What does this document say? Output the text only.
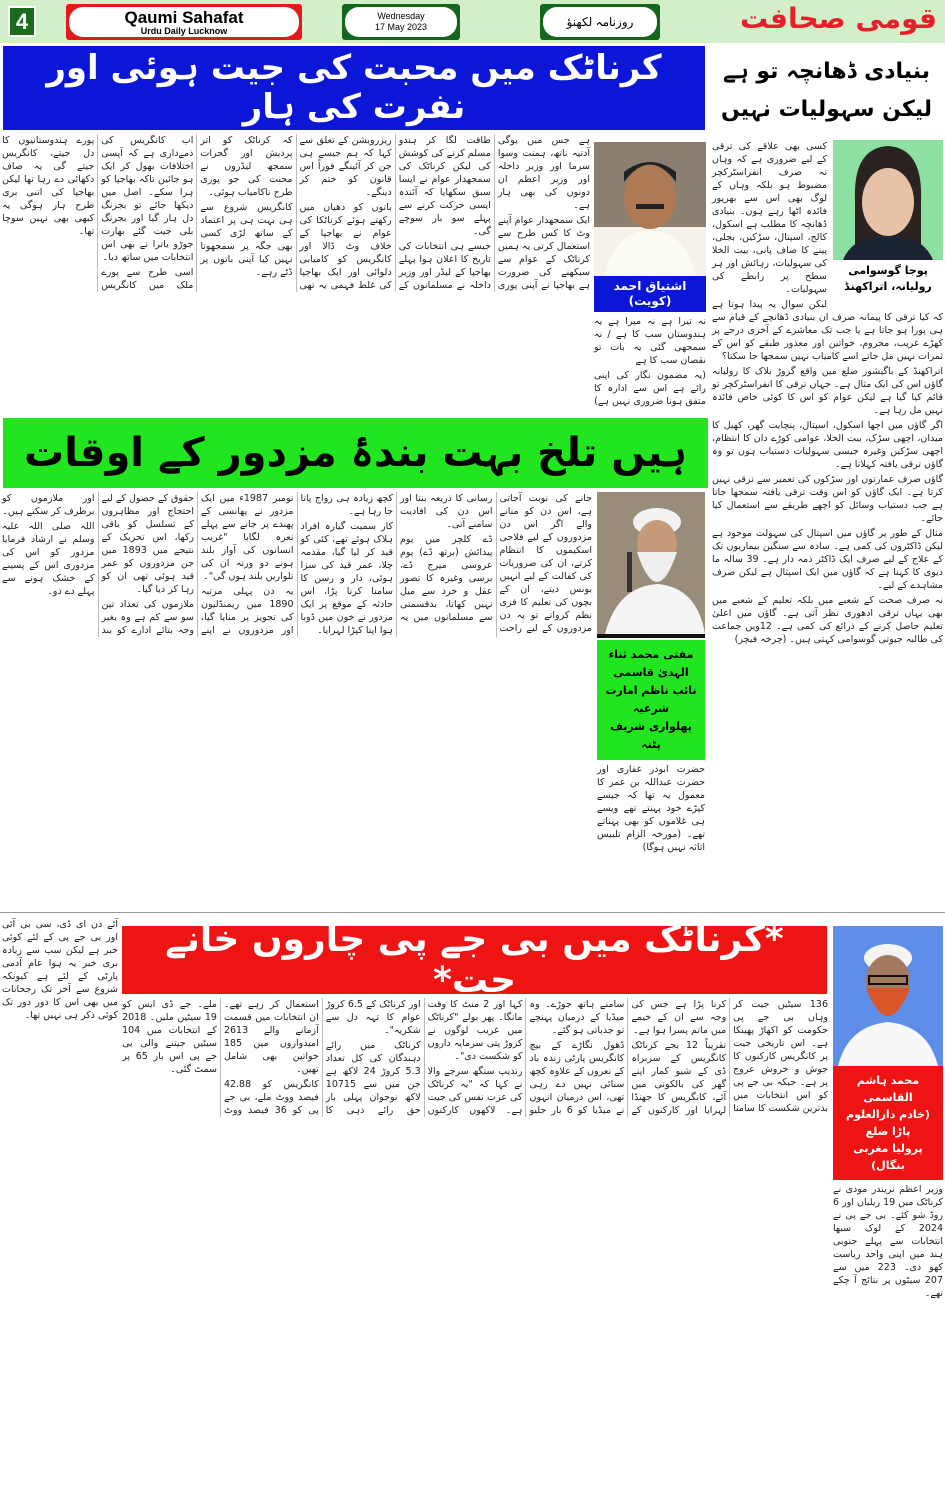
4	Qaumi Sahafat
Urdu Daily Lucknow
Wednesday
17 May 2023	روزنامہ لکھنؤ	قومی صحافت
کرناٹک میں محبت کی جیت ہوئی اور نفرت کی ہار
بنیادی ڈھانچہ تو ہے لیکن سہولیات نہیں
ہیں تلخ بہت بندۂ مزدور کے اوقات
*کرناٹک میں بی جے پی چاروں خانے چت*

ہے جس میں یوگی آدتیہ ناتھ، ہمنت وسوا سرما اور وزیر داخلہ اور وزیر اعظم ان دونوں کی بھی ہار ہے۔

ایک سمجھدار عوام آپنے وٹ کا کس طرح سے استعمال کرتی یہ ہمیں کرناٹک کے عوام سے سیکھنے کی ضرورت ہے بھاجپا نے آپنی پوری طاقت لگا کر ہندو مسلم کرنے کی کوشش کی لیکن کرناٹک کی سمجھدار عوام نے ایسا سبق سکھایا کہ آئندہ ایسی حرکت کرنے سے پہلے سو بار سوچے گی۔

جیسے ہی انتخابات کی تاریخ کا اعلان ہوا پہلے بھاجپا کے لیڈر اور وزیر داخلہ نے مسلمانوں کے ریزرویشن کے تعلق سے کہا کہ ہم جیسے ہی جن کر آئینگے فوراً اس قانون کو ختم کر دینگے۔

باتوں کو دھیان میں رکھتے ہوئے کرناٹکا کی عوام نے بھاجپا کے خلاف وٹ ڈالا اور کانگریس کو کامیابی دلوائی اور ایک بھاجپا کی غلط فہمی یہ تھی کہ کرناٹک کو اتر پردیش اور گجرات سمجھ لیڈروں نے محنت کی جو پوری طرح ناکامیاب ہوئی۔

کانگریس شروع سے ہی بہت ہی پر اعتماد کے ساتھ لڑی کسی بھی جگہ پر سمجھوتا نہیں کیا آپنی باتوں پر ڈٹے رہے۔

اب کانگریس کی ذمےداری ہے کہ آپسی اختلافات بھول کر ایک ہو جائیں تاکہ بھاجپا کو ہرا سکے۔ اصل میں دیکھا جائے تو بجرنگ دل ہار گیا اور بجرنگ بلی جیت گئے بھارت جوڑو یاترا نے بھی اس انتخابات میں ساتھ دیا۔

اسی طرح سے پورے ملک میں کانگریس پورے ہندوستانیوں کا دل جیتے، کانگریس جیتے گی یہ صاف دکھائی دے رہا تھا لیکن بھاجپا کی اتنی بری طرح ہار ہوگی یہ کبھی بھی نہیں سوچا تھا۔

اشتیاق احمد (کویت)

نہ تیرا ہے نہ میرا ہے یہ ہندوستان سب کا ہے / نہ سمجھی گئی یہ بات تو نقصان سب کا ہے

(یہ مضمون نگار کی اپنی رائے ہے اس سے ادارہ کا متفق ہونا ضروری نہیں ہے)

پوجا گوسوامی
رولیانہ، اتراکھنڈ

کسی بھی علاقے کی ترقی کے لیے ضروری ہے کہ وہاں نہ صرف انفراسٹرکچر مضبوط ہو بلکہ وہاں کے لوگ بھی اس سے بھرپور فائدہ اٹھا رہے ہوں۔ بنیادی ڈھانچہ کا مطلب ہے اسکول، کالج، اسپتال، سڑکیں، بجلی، پینے کا صاف پانی، بیت الخلا کی سہولیات، رہائش اور ہر سطح پر رابطے کی سہولیات۔

لیکن سوال یہ پیدا ہوتا ہے کہ کیا ترقی کا پیمانہ صرف ان بنیادی ڈھانچے کے قیام سے ہی پورا ہو جاتا ہے یا جب تک معاشرے کے آخری درجے پر کھڑے غریب، محروم، خواتین اور معذور طبقے کو اس کے ثمرات نہیں مل جاتے اسے کامیاب نہیں سمجھا جا سکتا؟

اتراکھنڈ کے باگیشور ضلع میں واقع گروڑ بلاک کا رولیانہ گاؤں اس کی ایک مثال ہے۔ جہاں ترقی کا انفراسٹرکچر تو قائم کیا گیا ہے لیکن عوام کو اس کا کوئی خاص فائدہ نہیں مل رہا ہے۔

اگر گاؤں میں اچھا اسکول، اسپتال، پنچایت گھر، کھیل کا میدان، اچھی سڑک، بیت الخلا، عوامی کوڑے دان کا انتظام، اچھی سڑکیں وغیرہ جیسی سہولیات دستیاب ہوں تو وہ گاؤں ترقی یافتہ کہلاتا ہے۔

گاؤں صرف عمارتوں اور سڑکوں کی تعمیر سے ترقی نہیں کرتا ہے۔ ایک گاؤں کو اس وقت ترقی یافتہ سمجھا جاتا ہے جب دستیاب وسائل کو اچھے طریقے سے استعمال کیا جائے۔

مثال کے طور پر گاؤں میں اسپتال کی سہولت موجود ہے لیکن ڈاکٹروں کی کمی ہے۔ سادہ سے سنگین بیماریوں تک کے علاج کے لیے صرف ایک ڈاکٹر ذمہ دار ہے۔ 39 سالہ ما دیوی کا کہنا ہے کہ گاؤں میں ایک اسپتال ہے لیکن صرف مشاہدے کے لیے۔

نہ صرف صحت کے شعبے میں بلکہ تعلیم کے شعبے میں بھی یہاں ترقی ادھوری نظر آتی ہے۔ گاؤں میں اعلیٰ تعلیم حاصل کرنے کے ذرائع کی کمی ہے۔ 12ویں جماعت کی طالبہ جیوتی گوسوامی کہتی ہیں۔ (چرخہ فیچر)

جانے کی نوبت آجاتی ہے، اس دن کو منانے والے اگر اس دن مزدوروں کے لیے فلاحی اسکیموں کا انتظام کرتے، ان کی ضروریات کی کفالت کے لیے انہیں بونس دیتے، ان کے بچوں کی تعلیم کا فری نظم کرواتے تو یہ دن مزدوروں کے لیے راحت رسانی کا ذریعہ بنتا اور اس دن کی افادیت سامنے آتی۔

ڈے کلچر میں یوم پیدائش (برتھ ڈے) یوم عروسی میرج ڈے، برسی وغیرہ کا تصور عقل و خرد سے میل نہیں کھاتا، بدقسمتی سے مسلمانوں میں یہ کچھ زیادہ ہی رواج پاتا جا رہا ہے۔

کار سمیت گیارہ افراد ہلاک ہوئے تھے، کئی کو قید کر لیا گیا، مقدمہ چلا، عمر قید کی سزا ہوئی، دار و رسن کا سامنا کرنا پڑا، اس حادثہ کے موقع پر ایک مزدور نے خون میں ڈوبا ہوا اپنا کپڑا لہرایا۔

نومبر 1987ء میں ایک مزدور نے پھانسی کے پھندے پر جانے سے پہلے نعرہ لگایا "غریب انسانوں کی آواز بلند ہونے دو ورنہ ان کی تلواریں بلند ہوں گی"۔

یہ دن پہلی مرتبہ 1890 میں ریمنڈلیون کی تجویز پر منایا گیا، اور مزدوروں نے اپنے حقوق کے حصول کے لیے احتجاج اور مظاہروں کے تسلسل کو باقی رکھا، اس تحریک کے نتیجے میں 1893 میں جن مزدوروں کو عمر قید ہوئی تھی ان کو رہا کر دیا گیا۔

ملازموں کی تعداد تین سو سے کم ہے وہ بغیر وجہ بتائے ادارے کو بند اور ملازموں کو برطرف کر سکتے ہیں۔

اللہ صلی اللہ علیہ وسلم نے ارشاد فرمایا مزدور کو اس کی مزدوری اس کے پسینے کے خشک ہونے سے پہلے دے دو۔

مفتی محمد ثناء الہدیٰ قاسمی
نائب ناظم امارت شرعیہ
پھلواری شریف پٹنہ

حضرت ابوذر غفاری اور حضرت عبداللہ بن عمر کا معمول یہ تھا کہ جیسے کپڑے خود پہنتے تھے ویسے ہی غلاموں کو بھی پہناتے تھے۔ (مورخہ الزام تلبیس اثاثہ نہیں ہوگا)

آئے دن ای ڈی، سی بی آئی اور بی جے پی کے لئے کوئی خبر ہے لیکن سب سے زیادہ بری خبر یہ ہوا عام آدمی پارٹی کے لئے ہے کیونکہ شروع سے آخر تک رجحانات میں بھی اس کا دور دور تک کوئی ذکر ہی نہیں تھا۔

136 سیٹیں جیت کر وہاں بی جے پی حکومت کو اکھاڑ پھینکا ہے۔ اس تاریخی جیت پر کانگریس کارکنوں کا جوش و خروش عروج پر ہے۔ جبکہ بی جے پی کو اس انتخابات میں بدترین شکست کا سامنا کرنا پڑا ہے جس کی وجہ سے ان کے خیمے میں ماتم پسرا ہوا ہے۔

تقریباً 12 بجے کرناٹک کانگریس کے سربراہ ڈی کے شیو کمار اپنے گھر کی بالکونی میں آئے، کانگریس کا جھنڈا لہرایا اور کارکنوں کے سامنے ہاتھ جوڑے۔ وہ میڈیا کے درمیان پہنچے تو جذباتی ہو گئے۔

ڈھول نگاڑے کے بیچ کانگریس پارٹی زندہ باد کے نعروں کے علاوہ کچھ سنائی نہیں دے رہی تھی، اس درمیان انہوں نے میڈیا کو 6 بار جلیو کہا اور 2 منٹ کا وقت مانگا۔ پھر بولے "کرناٹک میں غریب لوگوں نے کروڑ پتی سرمایہ داروں کو شکست دی"۔

رندیپ سنگھ سرجے والا نے کہا کہ "یہ کرناٹک کی عزت نفس کی جیت ہے۔ لاکھوں کارکنوں اور کرناٹک کے 6.5 کروڑ عوام کا تہہ دل سے شکریہ"۔

کرناٹک میں رائے دہندگان کی کل تعداد 5.3 کروڑ 24 لاکھ ہے جن میں سے 10715 لاکھ نوجوان پہلی بار حق رائے دہی کا استعمال کر رہے تھے۔ ان انتخابات میں قسمت آزمانے والے 2613 امیدواروں میں 185 خواتین بھی شامل تھیں۔

کانگریس کو 42.88 فیصد ووٹ ملے، بی جے پی کو 36 فیصد ووٹ ملے۔ جے ڈی ایس کو 19 سیٹیں ملیں۔ 2018 کے انتخابات میں 104 سیٹیں جیتنے والی بی جے پی اس بار 65 پر سمٹ گئی۔

محمد ہاشم القاسمی
(خادم دارالعلوم پاڑا ضلع
پرولیا مغربی بنگال)

وزیر اعظم نریندر مودی نے کرناٹک میں 19 ریلیاں اور 6 روڈ شو کئے۔ بی جے پی نے 2024 کے لوک سبھا انتخابات سے پہلے جنوبی ہند میں اپنی واحد ریاست کھو دی۔ 223 میں سے 207 سیٹوں پر نتائج آ چکے تھے۔
